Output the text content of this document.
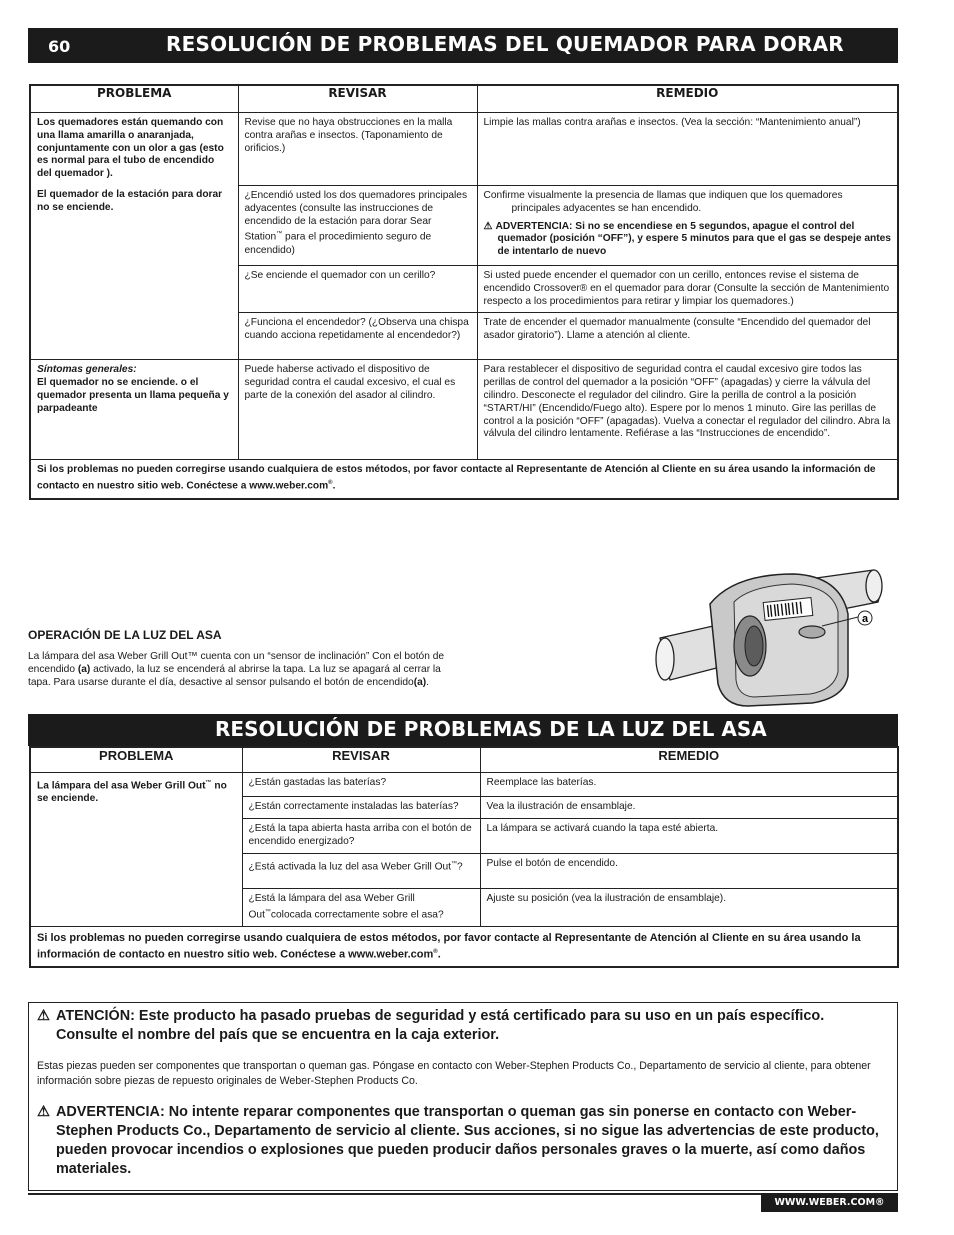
60	RESOLUCIÓN DE PROBLEMAS DEL QUEMADOR PARA DORAR
PROBLEMA	REVISAR	REMEDIO

Los quemadores están quemando con una llama amarilla o anaranjada, conjuntamente con un olor a gas (esto es normal para el tubo de encendido del quemador ).
El quemador de la estación para dorar no se enciende.	Revise que no haya obstrucciones en la malla contra arañas e insectos. (Taponamiento de orificios.)	Limpie las mallas contra arañas e insectos. (Vea la sección: “Mantenimiento anual”)
	¿Encendió usted los dos quemadores principales adyacentes (consulte las instrucciones de encendido de la estación para dorar Sear Station™ para el procedimiento seguro de encendido)	Confirme visualmente la presencia de llamas que indiquen que los quemadores principales adyacentes se han encendido.
⚠ ADVERTENCIA: Si no se encendiese en 5 segundos, apague el control del quemador (posición “OFF”), y espere 5 minutos para que el gas se despeje antes de intentarlo de nuevo

	¿Se enciende el quemador con un cerillo?	Si usted puede encender el quemador con un cerillo, entonces revise el sistema de encendido Crossover® en el quemador para dorar (Consulte la sección de Mantenimiento respecto a los procedimientos para retirar y limpiar los quemadores.)
	¿Funciona el encendedor? (¿Observa una chispa cuando acciona repetidamente al encendedor?)	Trate de encender el quemador manualmente (consulte “Encendido del quemador del asador giratorio”). Llame a atención al cliente.

Síntomas generales:
El quemador no se enciende. o el quemador presenta un llama pequeña y parpadeante	Puede haberse activado el dispositivo de seguridad contra el caudal excesivo, el cual es parte de la conexión del asador al cilindro.	Para restablecer el dispositivo de seguridad contra el caudal excesivo gire todos las perillas de control del quemador a la posición “OFF” (apagadas) y cierre la válvula del cilindro. Desconecte el regulador del cilindro. Gire la perilla de control a la posición “START/HI” (Encendido/Fuego alto). Espere por lo menos 1 minuto. Gire las perillas de control a la posición “OFF” (apagadas). Vuelva a conectar el regulador del cilindro. Abra la válvula del cilindro lentamente. Refiérase a las “Instrucciones de encendido”.
Si los problemas no pueden corregirse usando cualquiera de estos métodos, por favor contacte al Representante de Atención al Cliente en su área usando la información de contacto en nuestro sitio web. Conéctese a www.weber.com®.		
OPERACIÓN DE LA LUZ DEL ASA
La lámpara del asa Weber Grill Out™ cuenta con un “sensor de inclinación” Con el botón de encendido (a) activado, la luz se encenderá al abrirse la tapa. La luz se apagará al cerrar la tapa. Para usarse durante el día, desactive al sensor pulsando el botón de encendido(a).
a
RESOLUCIÓN DE PROBLEMAS DE LA LUZ DEL ASA
PROBLEMA	REVISAR	REMEDIO
La lámpara del asa Weber Grill Out™ no se enciende.	¿Están gastadas las baterías?	Reemplace las baterías.
	¿Están correctamente instaladas las baterías?	Vea la ilustración de ensamblaje.
	¿Está la tapa abierta hasta arriba con el botón de encendido energizado?	La lámpara se activará cuando la tapa esté abierta.
	¿Está activada la luz del asa Weber Grill Out™?	Pulse el botón de encendido.
	¿Está la lámpara del asa Weber Grill Out™colocada correctamente sobre el asa?	Ajuste su posición (vea la ilustración de ensamblaje).
Si los problemas no pueden corregirse usando cualquiera de estos métodos, por favor contacte al Representante de Atención al Cliente en su área usando la información de contacto en nuestro sitio web. Conéctese a www.weber.com®.		
⚠ ATENCIÓN: Este producto ha pasado pruebas de seguridad y está certificado para su uso en un país específico. Consulte el nombre del país que se encuentra en la caja exterior.
Estas piezas pueden ser componentes que transportan o queman gas. Póngase en contacto con Weber-Stephen Products Co., Departamento de servicio al cliente, para obtener información sobre piezas de repuesto originales de Weber-Stephen Products Co.
⚠ ADVERTENCIA: No intente reparar componentes que transportan o queman gas sin ponerse en contacto con Weber-Stephen Products Co., Departamento de servicio al cliente. Sus acciones, si no sigue las advertencias de este producto, pueden provocar incendios o explosiones que pueden producir daños personales graves o la muerte, así como daños materiales.
WWW.WEBER.COM®
